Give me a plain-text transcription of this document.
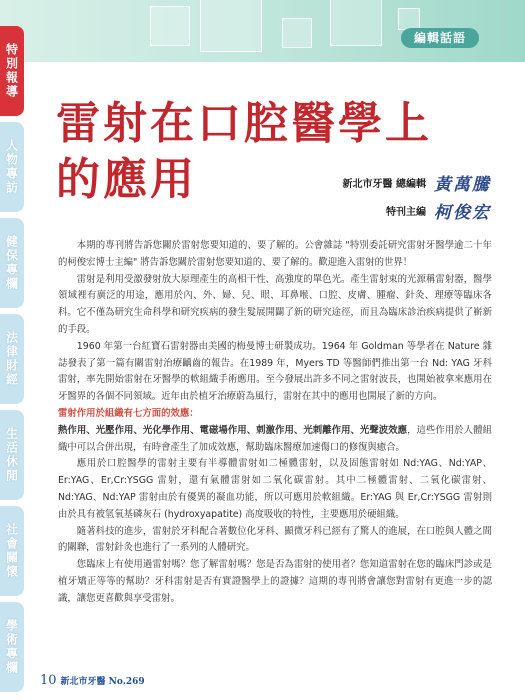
編輯話語
特別報導
人物專訪
健保專欄
法律財經
生活休閒
社會關懷
學術專欄
雷射在口腔醫學上
的應用	新北市牙醫 總編輯 黃萬騰
特刊主編 柯俊宏

本期的專刊將告訴您關於雷射您要知道的、要了解的。公會雜誌 "特別委託研究雷射牙醫學逾二十年的柯俊宏博士主編" 將告訴您關於雷射您要知道的、要了解的。歡迎進入雷射的世界！

雷射是利用受激發射放大原理產生的高相干性、高強度的單色光。產生雷射束的光源稱雷射器，醫學領域裡有廣泛的用途，應用於內、外、婦、兒、眼、耳鼻喉、口腔、皮膚、腫瘤、針灸、理療等臨床各科。它不僅為研究生命科學和研究疾病的發生髮展開闢了新的研究途徑，而且為臨床診治疾病提供了嶄新的手段。

1960 年第一台紅寶石雷射器由美國的梅曼博士研製成功。1964 年 Goldman 等學者在 Nature 雜誌發表了第一篇有關雷射治療齲齒的報告。在1989 年，Myers TD 等醫師們推出第一台 Nd: YAG 牙科雷射，率先開始雷射在牙醫學的軟組織手術應用。至今發展出許多不同之雷射波長，也開始被拿來應用在牙醫界的各個不同領域。近年由於植牙治療蔚為風行，雷射在其中的應用也開展了新的方向。

雷射作用於組織有七方面的效應：

熱作用、光壓作用、光化學作用、電磁場作用、刺激作用、光刺離作用、光聲波效應，這些作用於人體組織中可以合併出現，有時會產生了加成效應，幫助臨床醫療加速傷口的修復與癒合。

應用於口腔醫學的雷射主要有半導體雷射如二極體雷射，以及固態雷射如 Nd:YAG、Nd:YAP、Er:YAG、Er,Cr:YSGG 雷射，還有氣體雷射如二氧化碳雷射。其中二極體雷射、二氧化碳雷射、Nd:YAG、Nd:YAP 雷射由於有優異的凝血功能，所以可應用於軟組織。Er:YAG 與 Er,Cr:YSGG 雷射則由於具有被氫氧基磷灰石 (hydroxyapatite) 高度吸收的特性，主要應用於硬組織。

隨著科技的進步，雷射於牙科配合著數位化牙科、顯微牙科已經有了驚人的進展，在口腔與人體之間的關聯，雷射針灸也進行了一系列的人體研究。

您臨床上有使用過雷射嗎？您了解雷射嗎？您是否為雷射的使用者？您知道雷射在您的臨床門診或是植牙矯正等等的幫助？牙科雷射是否有實證醫學上的證據？這期的專刊將會讓您對雷射有更進一步的認識，讓您更喜歡與享受雷射。

10 新北市牙醫 No.269
